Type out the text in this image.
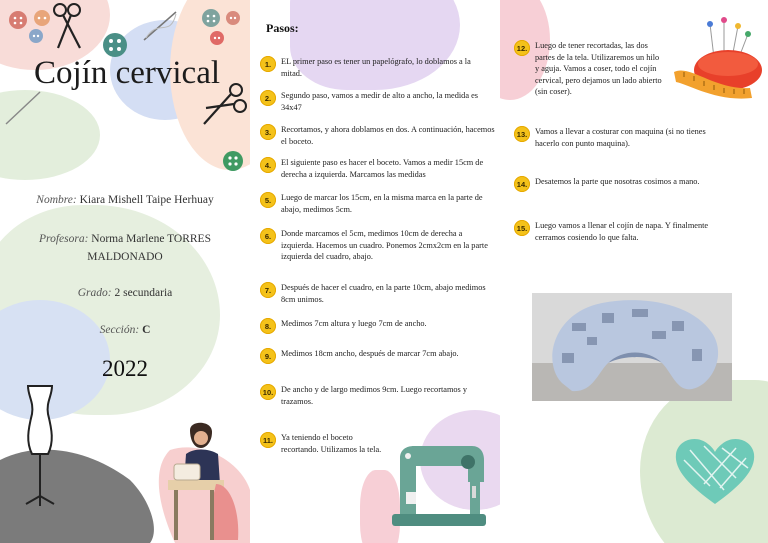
Cojín cervical
Nombre: Kiara Mishell Taipe Herhuay
Profesora: Norma Marlene TORRES
MALDONADO
Grado: 2 secundaria
Sección: C
2022
Pasos:
1.	EL primer paso es tener un papelógrafo, lo doblamos a la mitad.
2.	Segundo paso, vamos a medir de alto a ancho, la medida es 34x47
3.	Recortamos, y ahora doblamos en dos. A continuación, hacemos el boceto.
4.	El siguiente paso es hacer el boceto. Vamos a medir 15cm de derecha a izquierda. Marcamos las medidas
5.	Luego de marcar los 15cm, en la misma marca en la parte de abajo, medimos 5cm.
6.	Donde marcamos el 5cm, medimos 10cm de derecha a izquierda. Hacemos un cuadro. Ponemos 2cmx2cm en la parte izquierda del cuadro, abajo.
7.	Después de hacer el cuadro, en la parte 10cm, abajo medimos 8cm unimos.
8.	Medimos 7cm altura y luego 7cm de ancho.
9.	Medimos 18cm ancho, después de marcar 7cm abajo.
10. De ancho y de largo medimos 9cm. Luego recortamos y trazamos.
11. Ya teniendo el boceto recortando. Utilizamos la tela.
12. Luego de tener recortadas, las dos partes de la tela. Utilizaremos un hilo y aguja. Vamos a coser, todo el cojín cervical, pero dejamos un lado abierto (sin coser).
13. Vamos a llevar a costurar con maquina (si no tienes hacerlo con punto maquina).
14. Desatemos la parte que nosotras cosimos a mano.
15. Luego vamos a llenar el cojín de napa. Y finalmente cerramos cosiendo lo que falta.
